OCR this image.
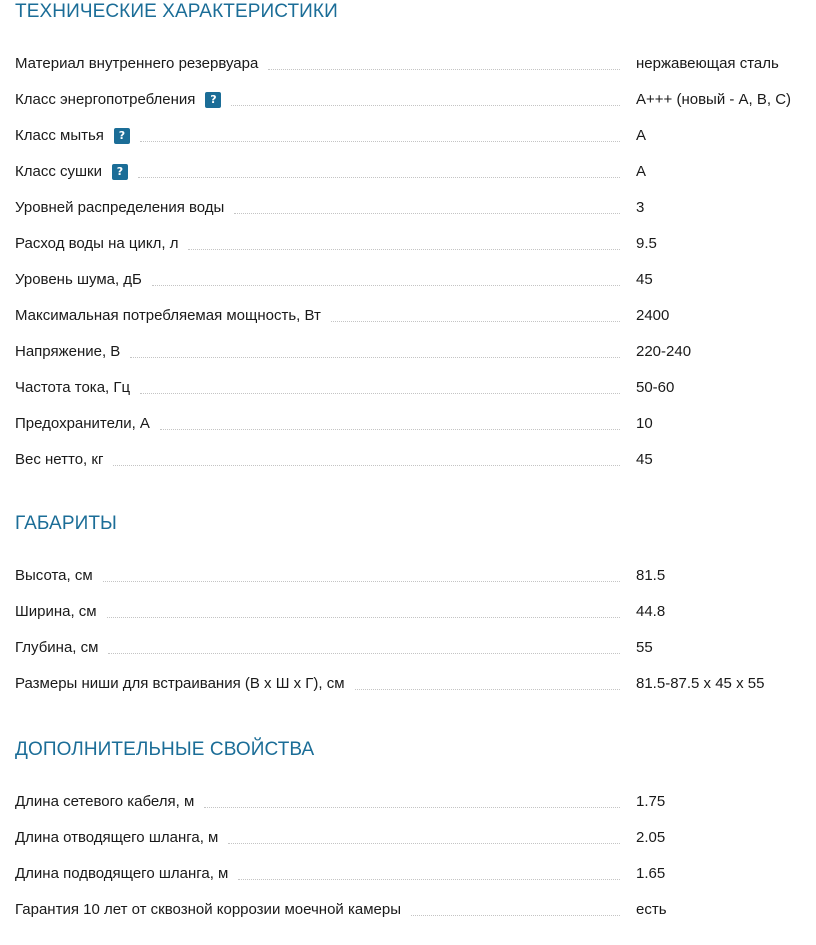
ТЕХНИЧЕСКИЕ ХАРАКТЕРИСТИКИ
Материал внутреннего резервуара	нержавеющая сталь
Класс энергопотребления ?	A+++ (новый - A, B, C)
Класс мытья ?	A
Класс сушки ?	A
Уровней распределения воды	3
Расход воды на цикл, л	9.5
Уровень шума, дБ	45
Максимальная потребляемая мощность, Вт	2400
Напряжение, В	220-240
Частота тока, Гц	50-60
Предохранители, А	10
Вес нетто, кг	45
ГАБАРИТЫ
Высота, см	81.5
Ширина, см	44.8
Глубина, см	55
Размеры ниши для встраивания (В x Ш x Г), см	81.5-87.5 x 45 x 55
ДОПОЛНИТЕЛЬНЫЕ СВОЙСТВА
Длина сетевого кабеля, м	1.75
Длина отводящего шланга, м	2.05
Длина подводящего шланга, м	1.65
Гарантия 10 лет от сквозной коррозии моечной камеры	есть
